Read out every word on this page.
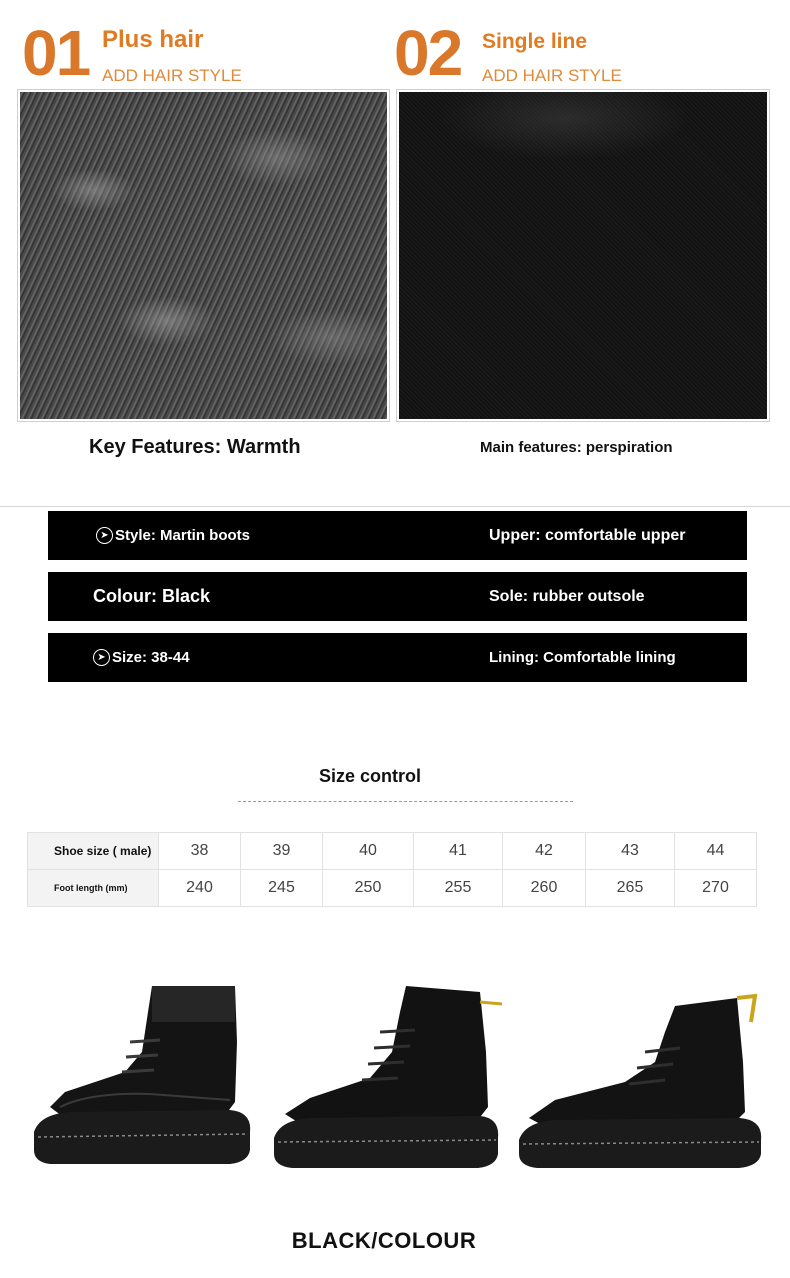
01 Plus hair
ADD HAIR STYLE 02 Single line
ADD HAIR STYLE
Key Features: Warmth	Main features: perspiration
➤ Style: Martin boots	Upper: comfortable upper
Colour: Black	Sole: rubber outsole
➤ Size: 38-44	Lining: Comfortable lining
Size control
Shoe size ( male)	38	39	40	41	42	43	44
Foot length (mm)	240	245	250	255	260	265	270
BLACK/COLOUR
